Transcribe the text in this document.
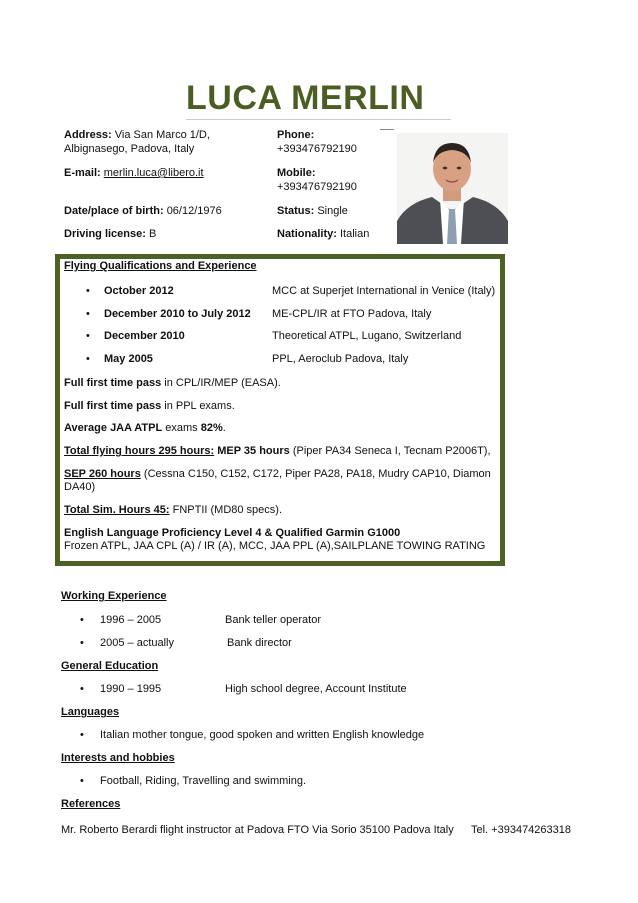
LUCA MERLIN
Address: Via San Marco 1/D,
Albignasego, Padova, Italy
Phone:
+393476792190
E-mail: merlin.luca@libero.it	Mobile:
+393476792190
Date/place of birth: 06/12/1976	Status: Single
Driving license: B	Nationality: Italian
Flying Qualifications and Experience
• October 2012	MCC at Superjet International in Venice (Italy)
• December 2010 to July 2012 ME-CPL/IR at FTO Padova, Italy
• December 2010	Theoretical ATPL, Lugano, Switzerland
• May 2005	PPL, Aeroclub Padova, Italy
Full first time pass in CPL/IR/MEP (EASA).
Full first time pass in PPL exams.
Average JAA ATPL exams 82%.
Total flying hours 295 hours: MEP 35 hours (Piper PA34 Seneca I, Tecnam P2006T),
SEP 260 hours (Cessna C150, C152, C172, Piper PA28, PA18, Mudry CAP10, Diamon
DA40)
Total Sim. Hours 45: FNPTII (MD80 specs).
English Language Proficiency Level 4 & Qualified Garmin G1000
Frozen ATPL, JAA CPL (A) / IR (A), MCC, JAA PPL (A),SAILPLANE TOWING RATING
Working Experience
• 1996 – 2005	Bank teller operator
• 2005 – actually	Bank director
General Education
• 1990 – 1995	High school degree, Account Institute
Languages
• Italian mother tongue, good spoken and written English knowledge
Interests and hobbies
• Football, Riding, Travelling and swimming.
References
Mr. Roberto Berardi flight instructor at Padova FTO Via Sorio 35100 Padova Italy Tel. +393474263318
